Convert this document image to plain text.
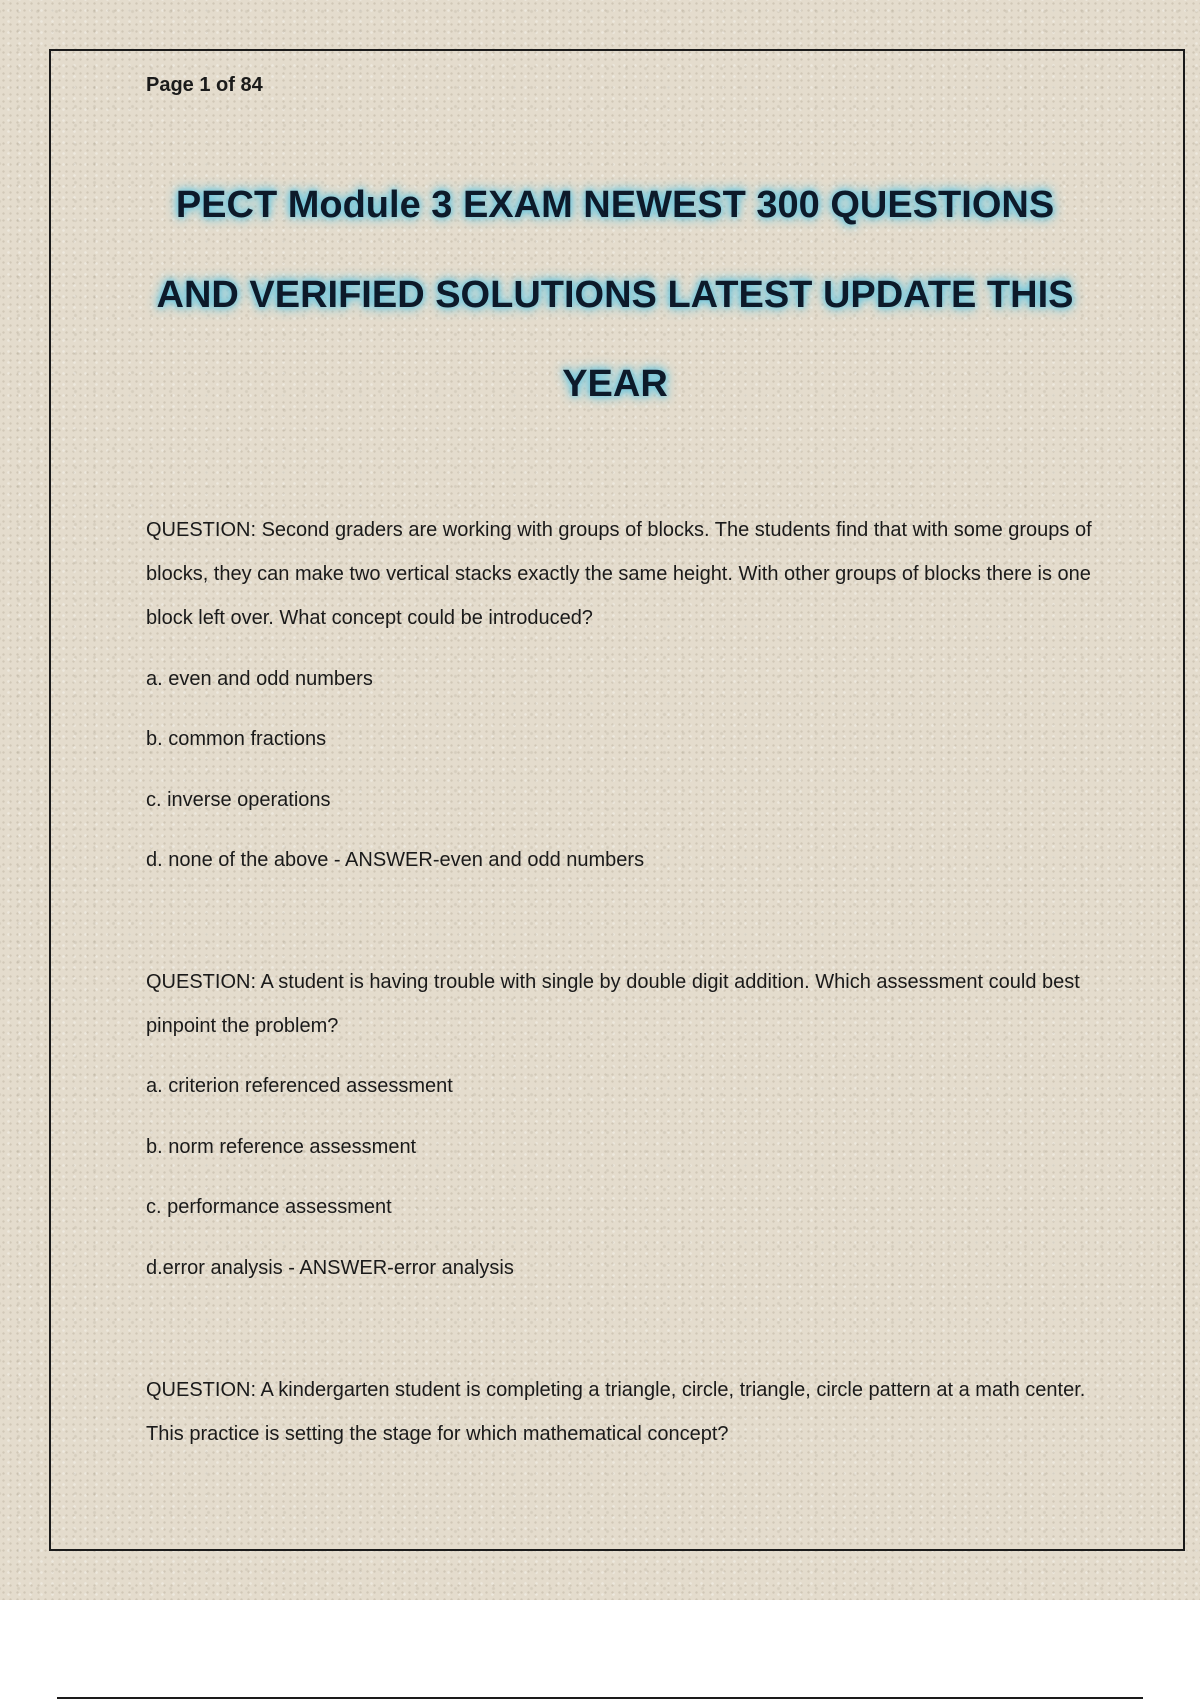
Page 1 of 84
PECT Module 3 EXAM NEWEST 300 QUESTIONS
AND VERIFIED SOLUTIONS LATEST UPDATE THIS
YEAR
QUESTION: Second graders are working with groups of blocks. The students find that with some groups of blocks, they can make two vertical stacks exactly the same height. With other groups of blocks there is one block left over. What concept could be introduced?
a. even and odd numbers
b. common fractions
c. inverse operations
d. none of the above - ANSWER-even and odd numbers
QUESTION: A student is having trouble with single by double digit addition. Which assessment could best pinpoint the problem?
a. criterion referenced assessment
b. norm reference assessment
c. performance assessment
d.error analysis - ANSWER-error analysis
QUESTION: A kindergarten student is completing a triangle, circle, triangle, circle pattern at a math center. This practice is setting the stage for which mathematical concept?
